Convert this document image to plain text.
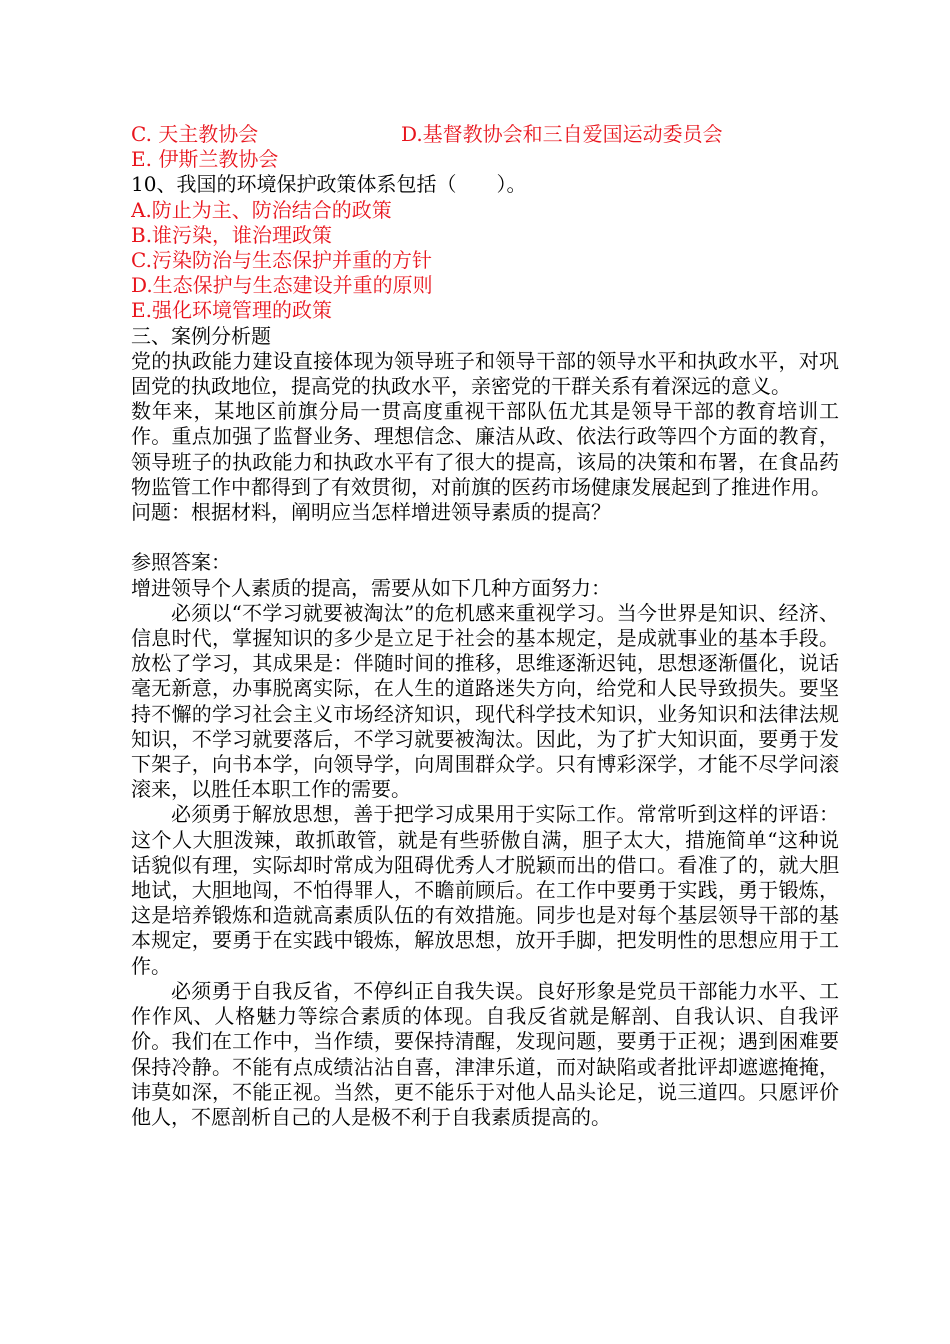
C. 天主教协会	D.基督教协会和三自爱国运动委员会
E. 伊斯兰教协会
10、我国的环境保护政策体系包括（　　）。
A.防止为主、防治结合的政策
B.谁污染，谁治理政策
C.污染防治与生态保护并重的方针
D.生态保护与生态建设并重的原则
E.强化环境管理的政策
三、案例分析题
党的执政能力建设直接体现为领导班子和领导干部的领导水平和执政水平，对巩固党的执政地位，提高党的执政水平，亲密党的干群关系有着深远的意义。
数年来，某地区前旗分局一贯高度重视干部队伍尤其是领导干部的教育培训工作。重点加强了监督业务、理想信念、廉洁从政、依法行政等四个方面的教育，领导班子的执政能力和执政水平有了很大的提高，该局的决策和布署，在食品药物监管工作中都得到了有效贯彻，对前旗的医药市场健康发展起到了推进作用。
问题：根据材料，阐明应当怎样增进领导素质的提高？
参照答案：
增进领导个人素质的提高，需要从如下几种方面努力：
必须以“不学习就要被淘汰”的危机感来重视学习。当今世界是知识、经济、信息时代，掌握知识的多少是立足于社会的基本规定，是成就事业的基本手段。放松了学习，其成果是：伴随时间的推移，思维逐渐迟钝，思想逐渐僵化，说话毫无新意，办事脱离实际，在人生的道路迷失方向，给党和人民导致损失。要坚持不懈的学习社会主义市场经济知识，现代科学技术知识，业务知识和法律法规知识，不学习就要落后，不学习就要被淘汰。因此，为了扩大知识面，要勇于发下架子，向书本学，向领导学，向周围群众学。只有博彩深学，才能不尽学问滚滚来，以胜任本职工作的需要。
必须勇于解放思想，善于把学习成果用于实际工作。常常听到这样的评语：这个人大胆泼辣，敢抓敢管，就是有些骄傲自满，胆子太大，措施简单“这种说话貌似有理，实际却时常成为阻碍优秀人才脱颖而出的借口。看准了的，就大胆地试，大胆地闯，不怕得罪人，不瞻前顾后。在工作中要勇于实践，勇于锻炼，这是培养锻炼和造就高素质队伍的有效措施。同步也是对每个基层领导干部的基本规定，要勇于在实践中锻炼，解放思想，放开手脚，把发明性的思想应用于工作。
必须勇于自我反省，不停纠正自我失误。良好形象是党员干部能力水平、工作作风、人格魅力等综合素质的体现。自我反省就是解剖、自我认识、自我评价。我们在工作中，当作绩，要保持清醒，发现问题，要勇于正视；遇到困难要保持冷静。不能有点成绩沾沾自喜，津津乐道，而对缺陷或者批评却遮遮掩掩，讳莫如深，不能正视。当然，更不能乐于对他人品头论足，说三道四。只愿评价他人，不愿剖析自己的人是极不利于自我素质提高的。
